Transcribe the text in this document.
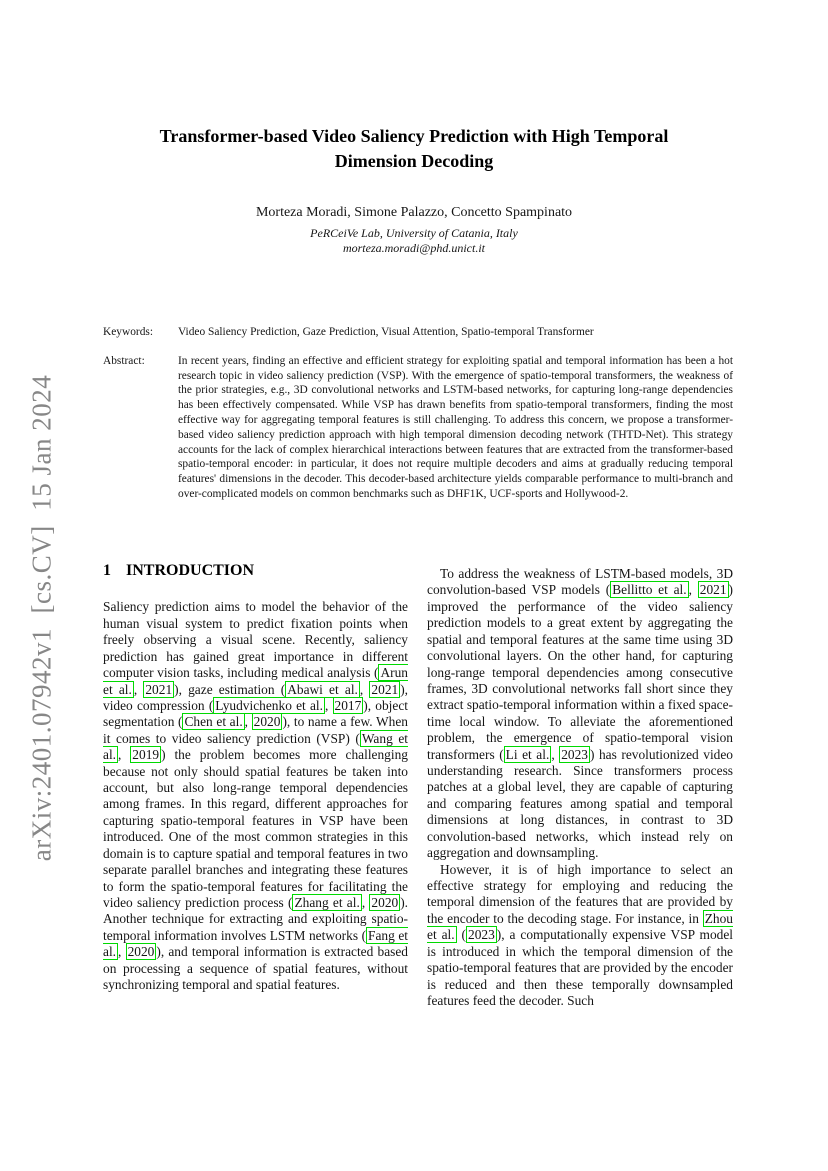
arXiv:2401.07942v1  [cs.CV]  15 Jan 2024
Transformer-based Video Saliency Prediction with High Temporal
Dimension Decoding
Morteza Moradi, Simone Palazzo, Concetto Spampinato
PeRCeiVe Lab, University of Catania, Italy
morteza.moradi@phd.unict.it
Keywords:	Video Saliency Prediction, Gaze Prediction, Visual Attention, Spatio-temporal Transformer
Abstract:	In recent years, finding an effective and efficient strategy for exploiting spatial and temporal information has been a hot research topic in video saliency prediction (VSP). With the emergence of spatio-temporal transformers, the weakness of the prior strategies, e.g., 3D convolutional networks and LSTM-based networks, for capturing long-range dependencies has been effectively compensated. While VSP has drawn benefits from spatio-temporal transformers, finding the most effective way for aggregating temporal features is still challenging. To address this concern, we propose a transformer-based video saliency prediction approach with high temporal dimension decoding network (THTD-Net). This strategy accounts for the lack of complex hierarchical interactions between features that are extracted from the transformer-based spatio-temporal encoder: in particular, it does not require multiple decoders and aims at gradually reducing temporal features' dimensions in the decoder. This decoder-based architecture yields comparable performance to multi-branch and over-complicated models on common benchmarks such as DHF1K, UCF-sports and Hollywood-2.
1 INTRODUCTION

Saliency prediction aims to model the behavior of the human visual system to predict fixation points when freely observing a visual scene. Recently, saliency prediction has gained great importance in different computer vision tasks, including medical analysis ( Arun et al. , 2021 ), gaze estimation ( Abawi et al. , 2021 ), video compression ( Lyudvichenko et al. , 2017 ), object segmentation ( Chen et al. , 2020 ), to name a few. When it comes to video saliency prediction (VSP) ( Wang et al. , 2019 ) the problem becomes more challenging because not only should spatial features be taken into account, but also long-range temporal dependencies among frames. In this regard, different approaches for capturing spatio-temporal features in VSP have been introduced. One of the most common strategies in this domain is to capture spatial and temporal features in two separate parallel branches and integrating these features to form the spatio-temporal features for facilitating the video saliency prediction process ( Zhang et al. , 2020 ). Another technique for extracting and exploiting spatio-temporal information involves LSTM networks ( Fang et al. , 2020 ), and temporal information is extracted based on processing a sequence of spatial features, without synchronizing temporal and spatial features.

To address the weakness of LSTM-based models, 3D convolution-based VSP models ( Bellitto et al. , 2021 ) improved the performance of the video saliency prediction models to a great extent by aggregating the spatial and temporal features at the same time using 3D convolutional layers. On the other hand, for capturing long-range temporal dependencies among consecutive frames, 3D convolutional networks fall short since they extract spatio-temporal information within a fixed space-time local window. To alleviate the aforementioned problem, the emergence of spatio-temporal vision transformers ( Li et al. , 2023 ) has revolutionized video understanding research. Since transformers process patches at a global level, they are capable of capturing and comparing features among spatial and temporal dimensions at long distances, in contrast to 3D convolution-based networks, which instead rely on aggregation and downsampling.

However, it is of high importance to select an effective strategy for employing and reducing the temporal dimension of the features that are provided by the encoder to the decoding stage. For instance, in Zhou et al. ( 2023 ), a computationally expensive VSP model is introduced in which the temporal dimension of the spatio-temporal features that are provided by the encoder is reduced and then these temporally downsampled features feed the decoder. Such
